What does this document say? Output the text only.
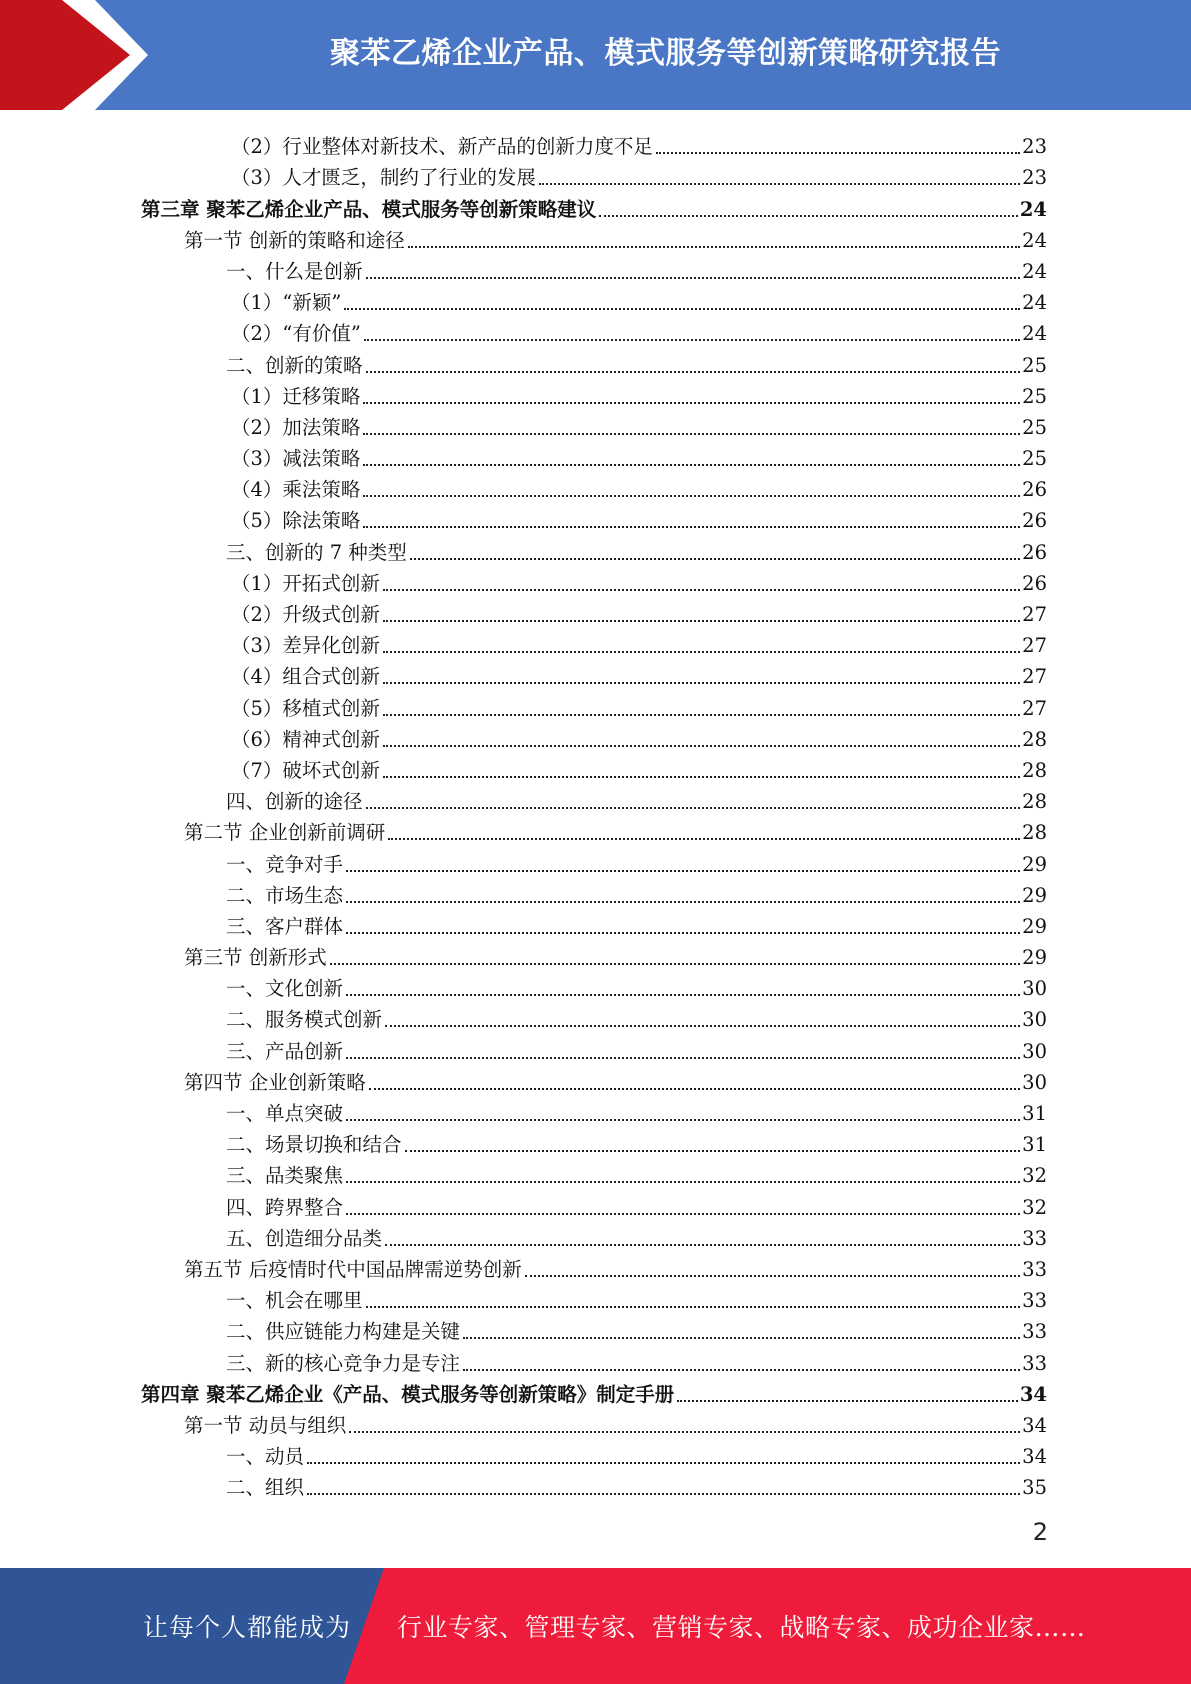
聚苯乙烯企业产品、模式服务等创新策略研究报告
（2）行业整体对新技术、新产品的创新力度不足	23
（3）人才匮乏，制约了行业的发展	23
第三章 聚苯乙烯企业产品、模式服务等创新策略建议	24
第一节 创新的策略和途径	24
一、什么是创新	24
（1）“新颖”	24
（2）“有价值”	24
二、创新的策略	25
（1）迁移策略	25
（2）加法策略	25
（3）减法策略	25
（4）乘法策略	26
（5）除法策略	26
三、创新的 7 种类型	26
（1）开拓式创新	26
（2）升级式创新	27
（3）差异化创新	27
（4）组合式创新	27
（5）移植式创新	27
（6）精神式创新	28
（7）破坏式创新	28
四、创新的途径	28
第二节 企业创新前调研	28
一、竞争对手	29
二、市场生态	29
三、客户群体	29
第三节 创新形式	29
一、文化创新	30
二、服务模式创新	30
三、产品创新	30
第四节 企业创新策略	30
一、单点突破	31
二、场景切换和结合	31
三、品类聚焦	32
四、跨界整合	32
五、创造细分品类	33
第五节 后疫情时代中国品牌需逆势创新	33
一、机会在哪里	33
二、供应链能力构建是关键	33
三、新的核心竞争力是专注	33
第四章 聚苯乙烯企业《产品、模式服务等创新策略》制定手册	34
第一节 动员与组织	34
一、动员	34
二、组织	35
2
让每个人都能成为 行业专家、管理专家、营销专家、战略专家、成功企业家……
